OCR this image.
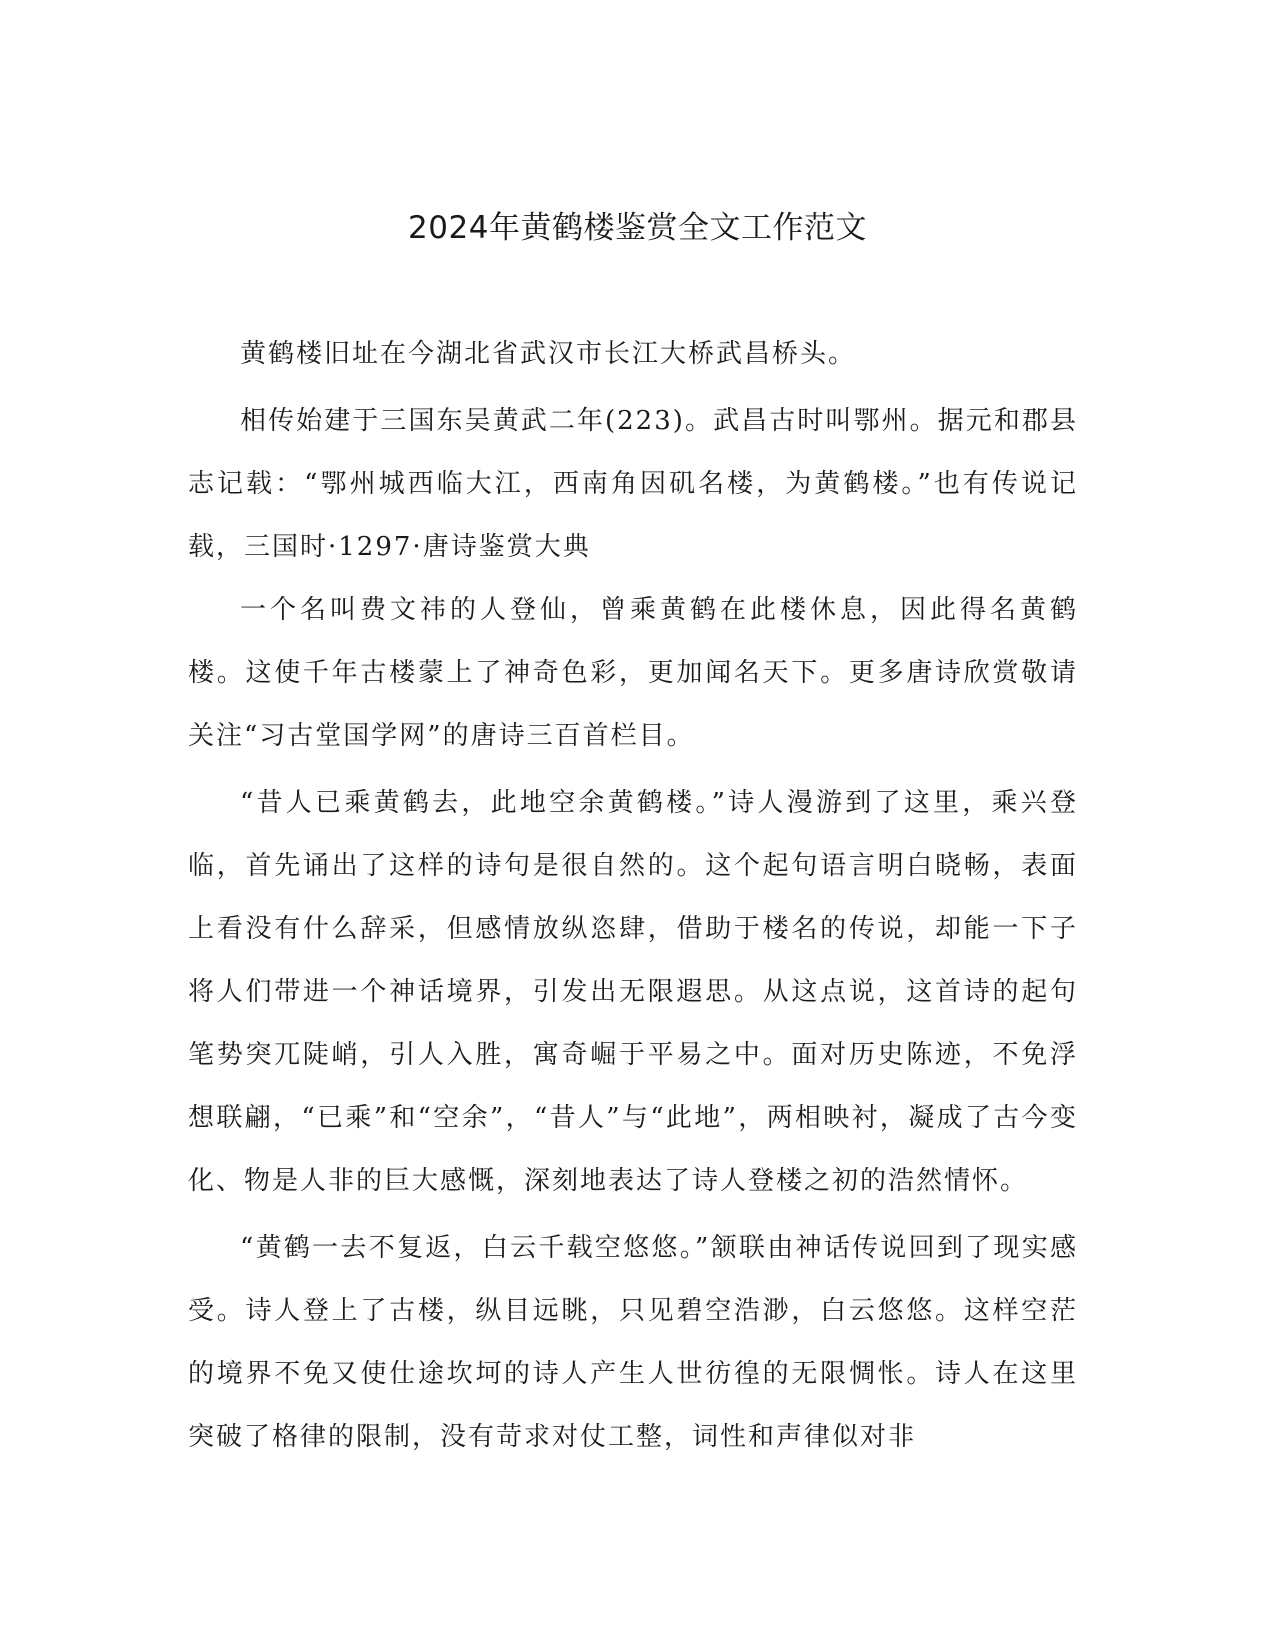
2024年黄鹤楼鉴赏全文工作范文

黄鹤楼旧址在今湖北省武汉市长江大桥武昌桥头。

相传始建于三国东吴黄武二年(223)。武昌古时叫鄂州。据元和郡县志记载：“鄂州城西临大江，西南角因矶名楼，为黄鹤楼。”也有传说记载，三国时·1297·唐诗鉴赏大典

一个名叫费文祎的人登仙，曾乘黄鹤在此楼休息，因此得名黄鹤楼。这使千年古楼蒙上了神奇色彩，更加闻名天下。更多唐诗欣赏敬请关注“习古堂国学网”的唐诗三百首栏目。

“昔人已乘黄鹤去，此地空余黄鹤楼。”诗人漫游到了这里，乘兴登临，首先诵出了这样的诗句是很自然的。这个起句语言明白晓畅，表面上看没有什么辞采，但感情放纵恣肆，借助于楼名的传说，却能一下子将人们带进一个神话境界，引发出无限遐思。从这点说，这首诗的起句笔势突兀陡峭，引人入胜，寓奇崛于平易之中。面对历史陈迹，不免浮想联翩，“已乘”和“空余”，“昔人”与“此地”，两相映衬，凝成了古今变化、物是人非的巨大感慨，深刻地表达了诗人登楼之初的浩然情怀。

“黄鹤一去不复返，白云千载空悠悠。”颔联由神话传说回到了现实感受。诗人登上了古楼，纵目远眺，只见碧空浩渺，白云悠悠。这样空茫的境界不免又使仕途坎坷的诗人产生人世彷徨的无限惆怅。诗人在这里突破了格律的限制，没有苛求对仗工整，词性和声律似对非
